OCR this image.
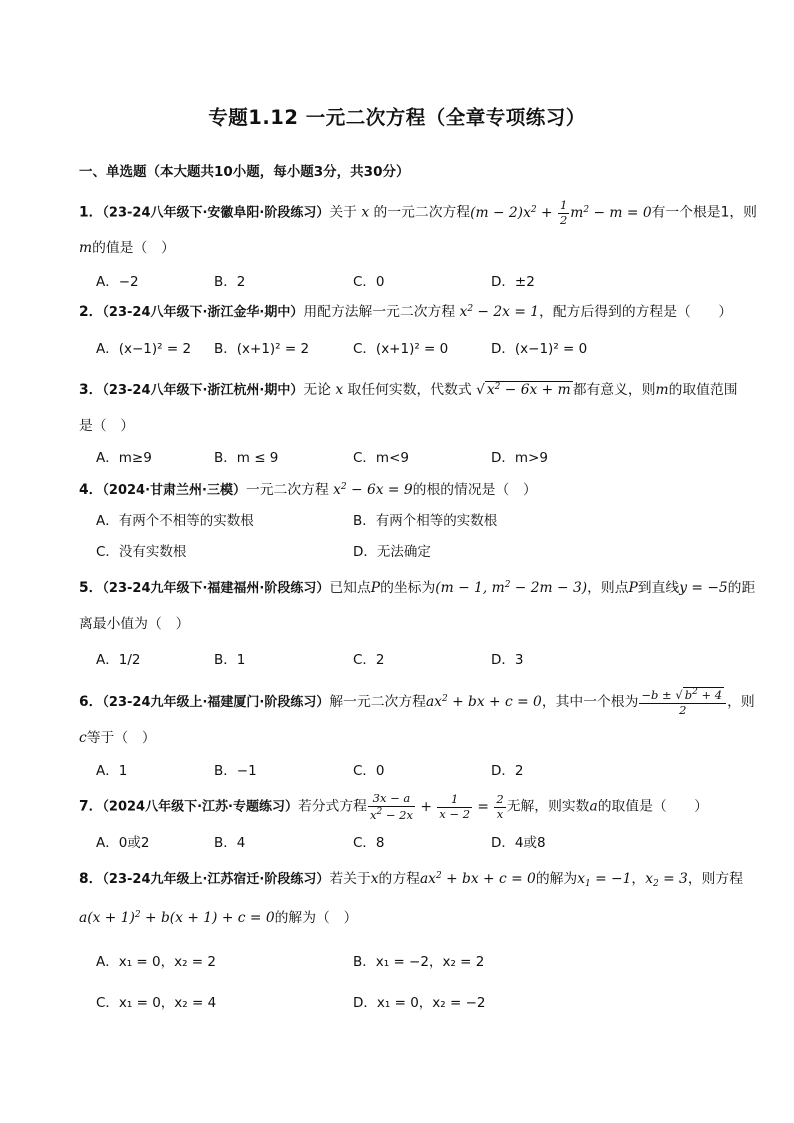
专题1.12 一元二次方程（全章专项练习）
一、单选题（本大题共10小题，每小题3分，共30分）
1．（23-24八年级下·安徽阜阳·阶段练习）关于 x 的一元二次方程$(m - 2)x^2 + \frac{1}{2} m^2 - m = 0$有一个根是1，则
m的值是（　）
A．−2	B．2	C．0	D．±2
2．（23-24八年级下·浙江金华·期中）用配方法解一元二次方程 $x^2 - 2x = 1$，配方后得到的方程是（　　）
A．(x−1)² = 2 B．(x+1)² = 2	C．(x+1)² = 0	D．(x−1)² = 0
3．（23-24八年级下·浙江杭州·期中）无论 x 取任何实数，代数式 √ $x^2 - 6x + m$ 都有意义，则m的取值范围
是（　）
A．m≥9	B．m ≤ 9	C．m<9	D．m>9
4．（2024·甘肃兰州·三模）一元二次方程 $x^2 - 6x = 9$的根的情况是（　）
A．有两个不相等的实数根	B．有两个相等的实数根
C．没有实数根	D．无法确定
5．（23-24九年级下·福建福州·阶段练习）已知点P的坐标为(m − 1, $m^2 - 2m - 3$)，则点P到直线y = −5的距
离最小值为（　）
A．1/2	B．1	C．2	D．3
6．（23-24九年级上·福建厦门·阶段练习）解一元二次方程$ax^2$ + bx + c = 0，其中一个根为 $\frac{-b \pm √ b^2 + 4}{2}$ ，则
c等于（　）
A．1	B．−1	C．0	D．2
7．（2024八年级下·江苏·专题练习）若分式方程 $\frac{3x - a}{x^2 - 2x} + \frac{1}{x - 2} = \frac{2}{x}$ 无解，则实数a的取值是（　　）
A．0或2	B．4	C．8	D．4或8
8．（23-24九年级上·江苏宿迁·阶段练习）若关于x的方程$ax^2$ + bx + c = 0的解为$x_1 = -1$，$x_2 = 3$，则方程
$a(x + 1)^2 + b(x + 1) + c = 0$的解为（　）
A．x₁ = 0，x₂ = 2	B．x₁ = −2，x₂ = 2
C．x₁ = 0，x₂ = 4	D．x₁ = 0，x₂ = −2
